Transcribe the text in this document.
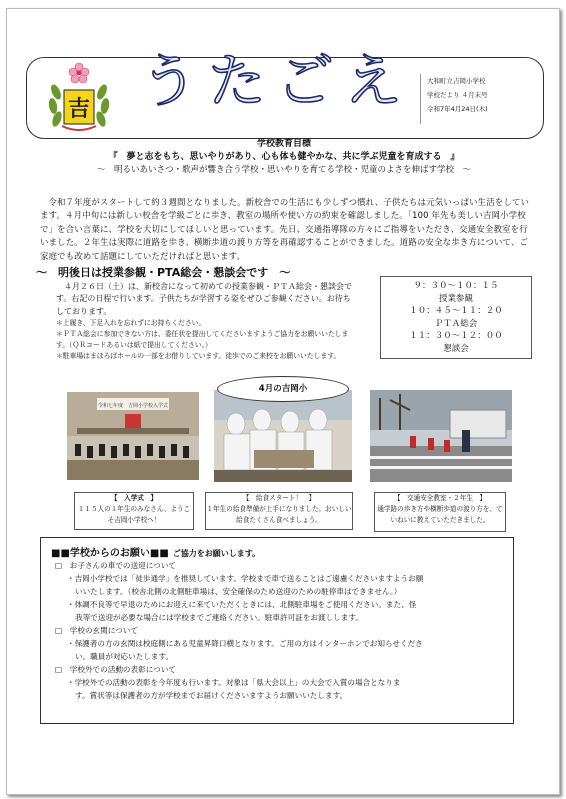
吉 うたごえ 大和町立吉岡小学校
学校だより ４月末号
令和7年4月24日(木)
学校教育目標
『　夢と志をもち、思いやりがあり、心も体も健やかな、共に学ぶ児童を育成する　』
～　明るいあいさつ・歌声が響き合う学校・思いやりを育てる学校・児童のよさを伸ばす学校　～
令和７年度がスタートして約３週間となりました。新校舎での生活にも少しずつ慣れ、子供たちは元気いっぱい生活をしています。４月中旬には新しい校舎を学級ごとに歩き、教室の場所や使い方の約束を確認しました。「100 年先も美しい吉岡小学校で」を合い言葉に、学校を大切にしてほしいと思っています。先日、交通指導隊の方々にご指導をいただき、交通安全教室を行いました。２年生は実際に道路を歩き、横断歩道の渡り方等を再確認することができました。道路の安全な歩き方について、ご家庭でも改めて話題にしていただければと思います。
～　明後日は授業参観・PTA総会・懇談会です　～
４月２６日（土）は、新校舎になって初めての授業参観・ＰＴＡ総会・懇談会です。右記の日程で行います。子供たちが学習する姿をぜひご参観ください。お待ちしております。
＊上履き、下足入れを忘れずにお持ちください。
＊ＰＴＡ総会に参加できない方は、委任状を提出してくださいますようご協力をお願いいたします。（ＱＲコードあるいは紙で提出してください。）
＊駐車場はまほろばホールの一部をお借りしています。徒歩でのご来校をお願いいたします。
９：３０～１０：１５
授業参観
１０：４５～１１：２０
ＰＴＡ総会
１１：３０～１２：００
懇談会
4月の吉岡小
令和七年度　吉岡小学校入学式
【　入学式　】
１１５人の１年生のみなさん、ようこそ吉岡小学校へ！
【　給食スタート！　】
１年生の給食準備が上手になりました。おいしい給食たくさん食べましょう。
【　交通安全教室・２年生　】
通学路の歩き方や横断歩道の渡り方を、ていねいに教えていただきました。
■■学校からのお願い■■ ご協力をお願いします。
□　お子さんの車での送迎について
・吉岡小学校では「徒歩通学」を推奨しています。学校まで車で送ることはご遠慮くださいますようお願
いいたします。（校舎北側の北側駐車場は、安全確保のため送迎のための駐停車はできません。）
・体調不良等で早退のためにお迎えに来ていただくときには、北側駐車場をご使用ください。また、怪
我等で送迎が必要な場合には学校までご連絡ください。駐車許可証をお渡しします。
□　学校の玄関について
・保護者の方の玄関は校庭側にある児童昇降口横となります。ご用の方はインターホンでお知らせくださ
い。職員が対応いたします。
□　学校外での活動の表彰について
・学校外での活動の表彰を今年度も行います。対象は「県大会以上」の大会で入賞の場合となりま
す。賞状等は保護者の方が学校までお届けくださいますようお願いいたします。
